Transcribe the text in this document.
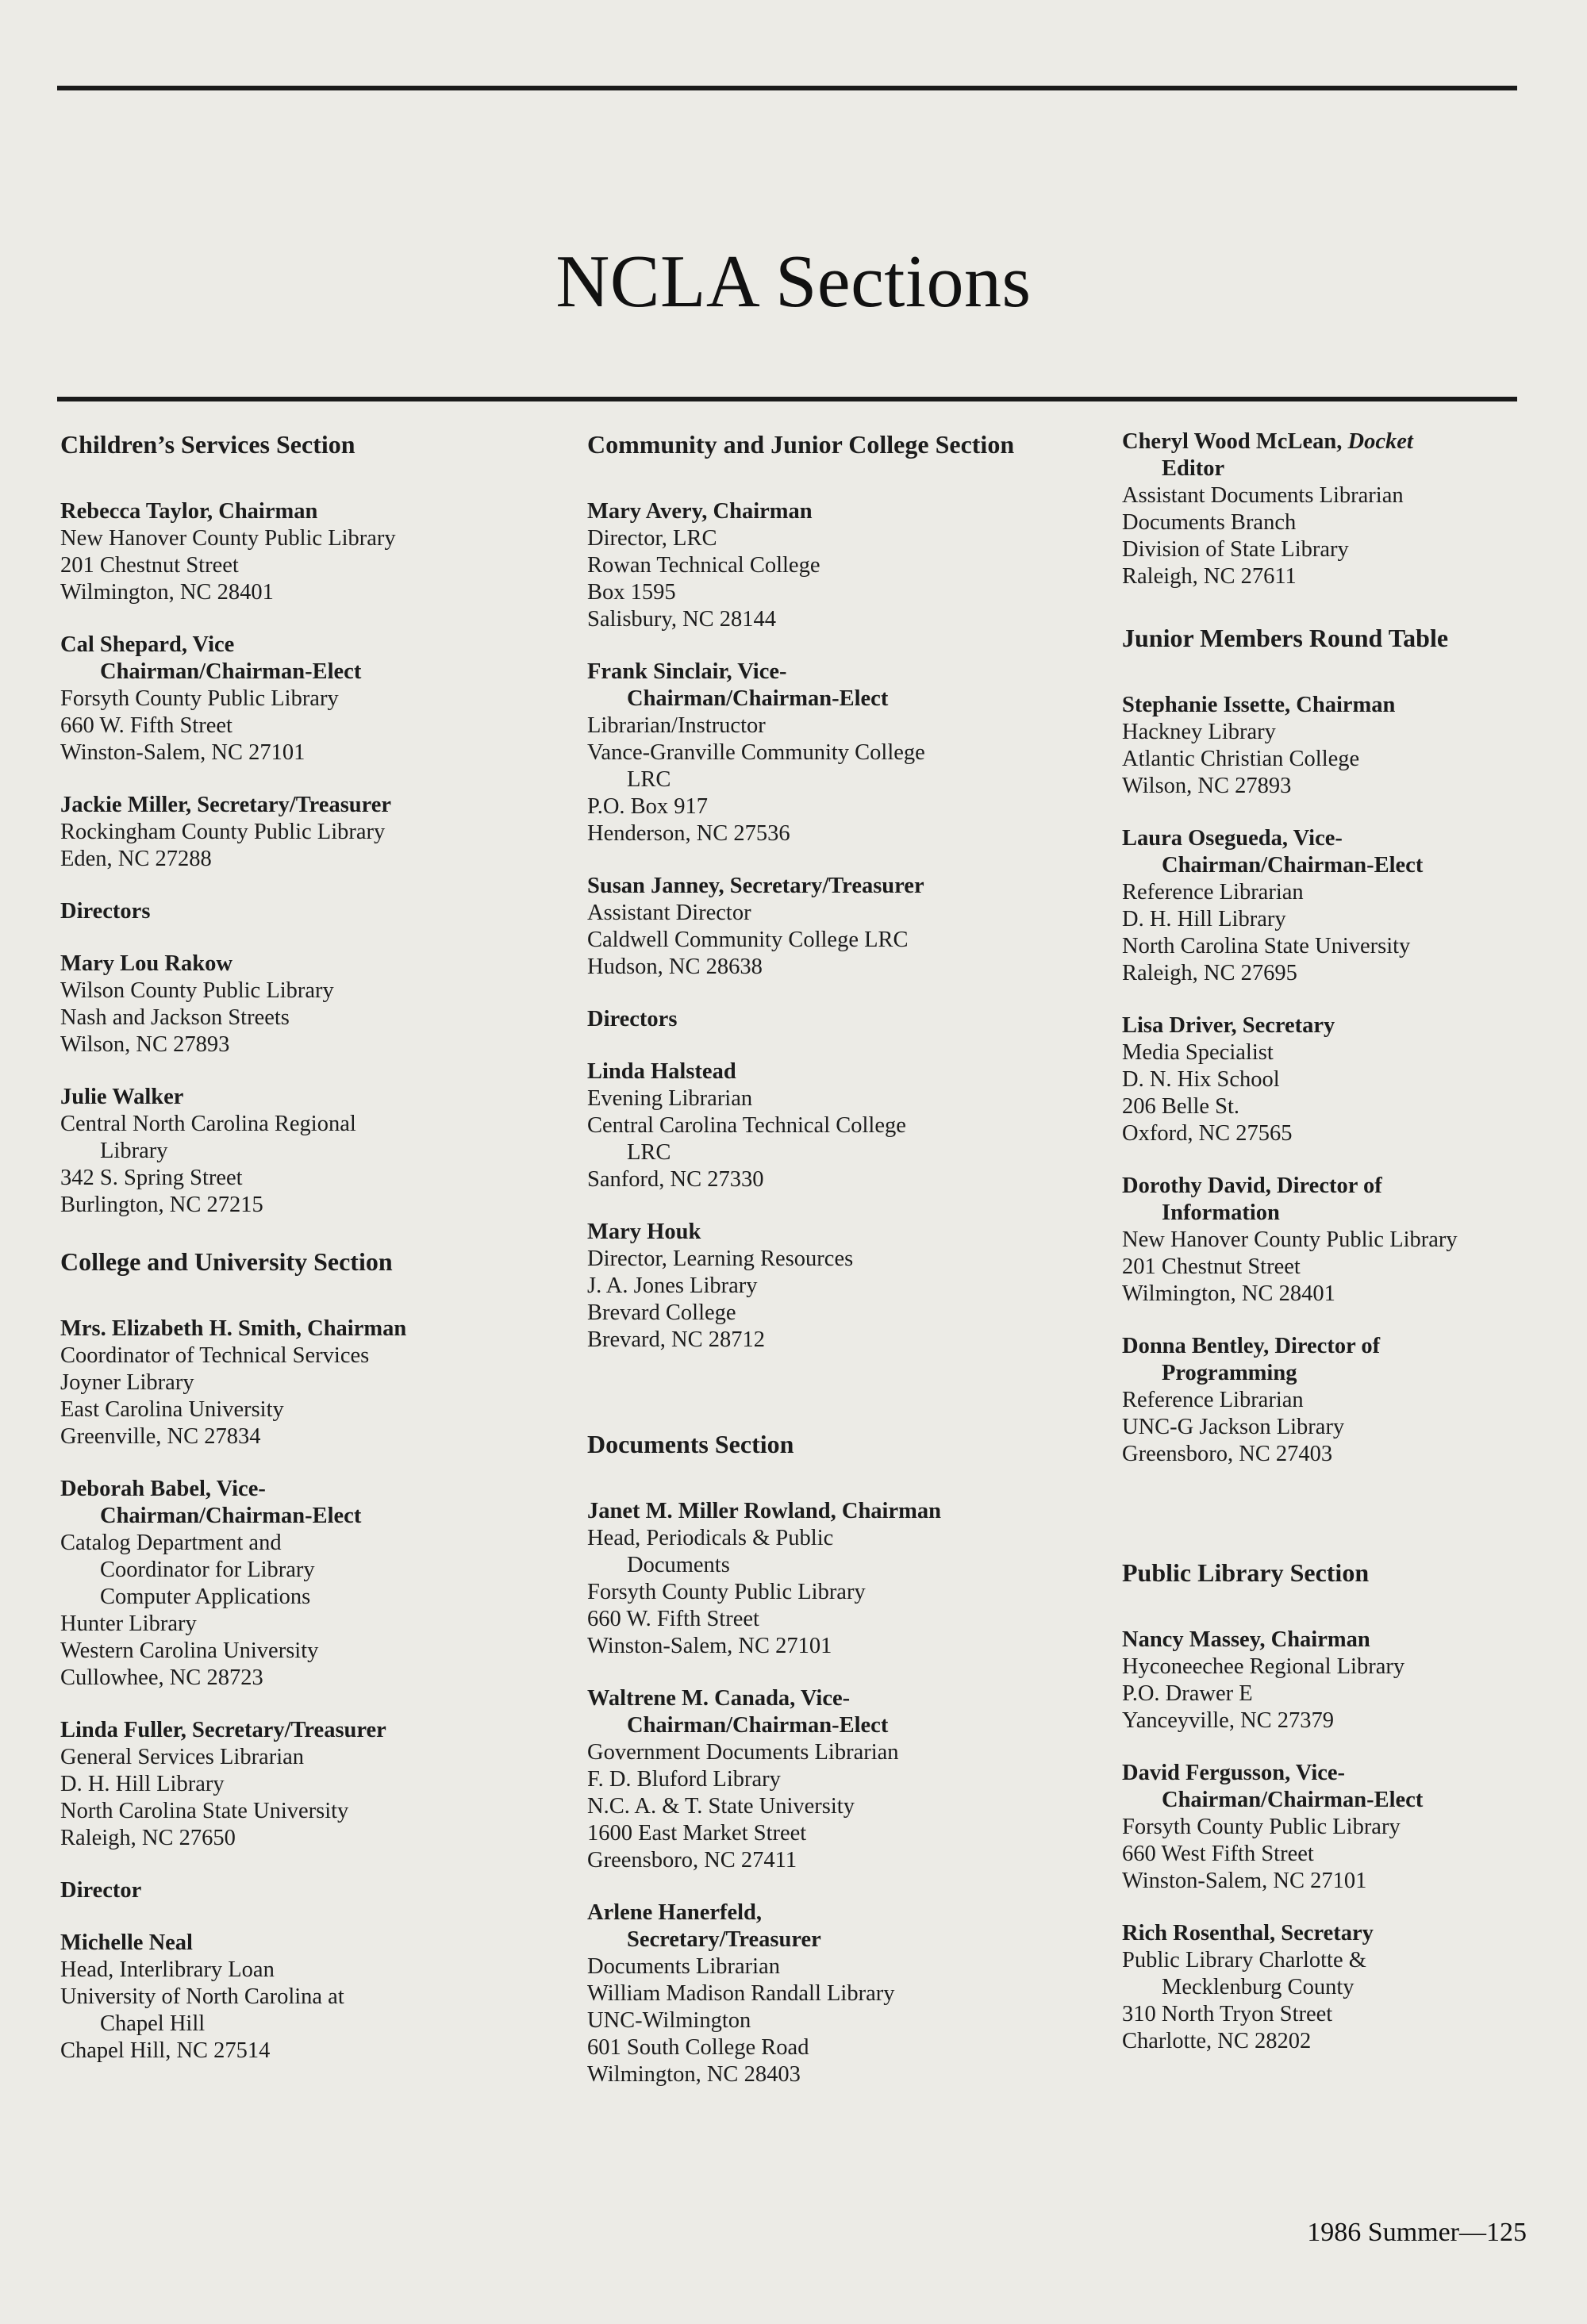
NCLA Sections
Children’s Services Section
Rebecca Taylor, Chairman
New Hanover County Public Library
201 Chestnut Street
Wilmington, NC 28401
Cal Shepard, Vice
Chairman/Chairman-Elect
Forsyth County Public Library
660 W. Fifth Street
Winston-Salem, NC 27101
Jackie Miller, Secretary/Treasurer
Rockingham County Public Library
Eden, NC 27288
Directors
Mary Lou Rakow
Wilson County Public Library
Nash and Jackson Streets
Wilson, NC 27893
Julie Walker
Central North Carolina Regional
Library
342 S. Spring Street
Burlington, NC 27215
College and University Section
Mrs. Elizabeth H. Smith, Chairman
Coordinator of Technical Services
Joyner Library
East Carolina University
Greenville, NC 27834
Deborah Babel, Vice-
Chairman/Chairman-Elect
Catalog Department and
Coordinator for Library
Computer Applications
Hunter Library
Western Carolina University
Cullowhee, NC 28723
Linda Fuller, Secretary/Treasurer
General Services Librarian
D. H. Hill Library
North Carolina State University
Raleigh, NC 27650
Director
Michelle Neal
Head, Interlibrary Loan
University of North Carolina at
Chapel Hill
Chapel Hill, NC 27514
Community and Junior College Section
Mary Avery, Chairman
Director, LRC
Rowan Technical College
Box 1595
Salisbury, NC 28144
Frank Sinclair, Vice-
Chairman/Chairman-Elect
Librarian/Instructor
Vance-Granville Community College
LRC
P.O. Box 917
Henderson, NC 27536
Susan Janney, Secretary/Treasurer
Assistant Director
Caldwell Community College LRC
Hudson, NC 28638
Directors
Linda Halstead
Evening Librarian
Central Carolina Technical College
LRC
Sanford, NC 27330
Mary Houk
Director, Learning Resources
J. A. Jones Library
Brevard College
Brevard, NC 28712
Documents Section
Janet M. Miller Rowland, Chairman
Head, Periodicals & Public
Documents
Forsyth County Public Library
660 W. Fifth Street
Winston-Salem, NC 27101
Waltrene M. Canada, Vice-
Chairman/Chairman-Elect
Government Documents Librarian
F. D. Bluford Library
N.C. A. & T. State University
1600 East Market Street
Greensboro, NC 27411
Arlene Hanerfeld,
Secretary/Treasurer
Documents Librarian
William Madison Randall Library
UNC-Wilmington
601 South College Road
Wilmington, NC 28403
Cheryl Wood McLean, Docket
Editor
Assistant Documents Librarian
Documents Branch
Division of State Library
Raleigh, NC 27611
Junior Members Round Table
Stephanie Issette, Chairman
Hackney Library
Atlantic Christian College
Wilson, NC 27893
Laura Osegueda, Vice-
Chairman/Chairman-Elect
Reference Librarian
D. H. Hill Library
North Carolina State University
Raleigh, NC 27695
Lisa Driver, Secretary
Media Specialist
D. N. Hix School
206 Belle St.
Oxford, NC 27565
Dorothy David, Director of
Information
New Hanover County Public Library
201 Chestnut Street
Wilmington, NC 28401
Donna Bentley, Director of
Programming
Reference Librarian
UNC-G Jackson Library
Greensboro, NC 27403
Public Library Section
Nancy Massey, Chairman
Hyconeechee Regional Library
P.O. Drawer E
Yanceyville, NC 27379
David Fergusson, Vice-
Chairman/Chairman-Elect
Forsyth County Public Library
660 West Fifth Street
Winston-Salem, NC 27101
Rich Rosenthal, Secretary
Public Library Charlotte &
Mecklenburg County
310 North Tryon Street
Charlotte, NC 28202
1986 Summer—125
